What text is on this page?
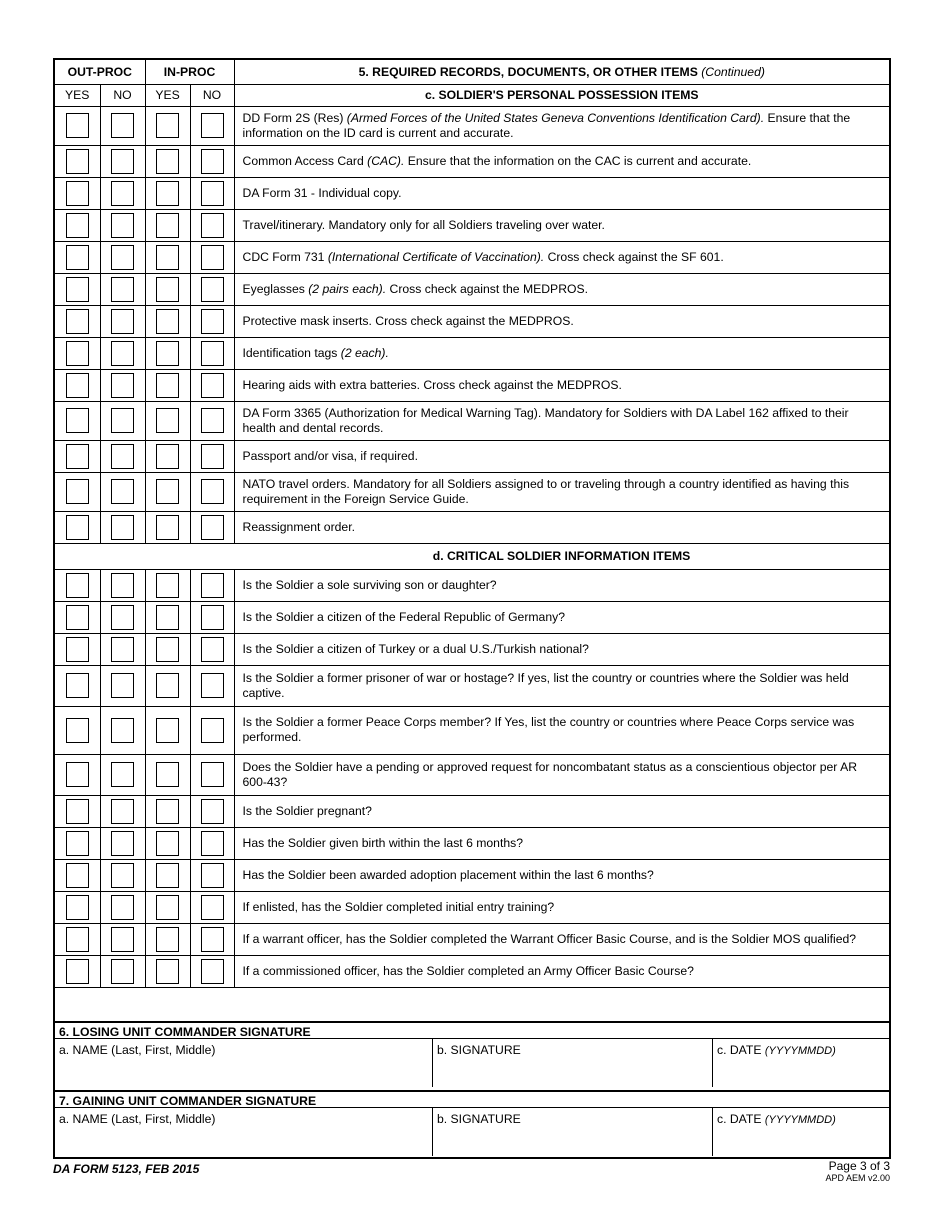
OUT-PROC		IN-PROC		5. REQUIRED RECORDS, DOCUMENTS, OR OTHER ITEMS (Continued)
YES	NO	YES	NO	c. SOLDIER'S PERSONAL POSSESSION ITEMS
				DD Form 2S (Res) (Armed Forces of the United States Geneva Conventions Identification Card). Ensure that the information on the ID card is current and accurate.
				Common Access Card (CAC). Ensure that the information on the CAC is current and accurate.
				DA Form 31 - Individual copy.
				Travel/itinerary. Mandatory only for all Soldiers traveling over water.
				CDC Form 731 (International Certificate of Vaccination). Cross check against the SF 601.
				Eyeglasses (2 pairs each). Cross check against the MEDPROS.
				Protective mask inserts. Cross check against the MEDPROS.
				Identification tags (2 each).
				Hearing aids with extra batteries. Cross check against the MEDPROS.
				DA Form 3365 (Authorization for Medical Warning Tag). Mandatory for Soldiers with DA Label 162 affixed to their health and dental records.
				Passport and/or visa, if required.
				NATO travel orders. Mandatory for all Soldiers assigned to or traveling through a country identified as having this requirement in the Foreign Service Guide.
				Reassignment order.
				d. CRITICAL SOLDIER INFORMATION ITEMS
				Is the Soldier a sole surviving son or daughter?
				Is the Soldier a citizen of the Federal Republic of Germany?
				Is the Soldier a citizen of Turkey or a dual U.S./Turkish national?
				Is the Soldier a former prisoner of war or hostage? If yes, list the country or countries where the Soldier was held captive.
				Is the Soldier a former Peace Corps member? If Yes, list the country or countries where Peace Corps service was performed.
				Does the Soldier have a pending or approved request for noncombatant status as a conscientious objector per AR 600-43?
				Is the Soldier pregnant?
				Has the Soldier given birth within the last 6 months?
				Has the Soldier been awarded adoption placement within the last 6 months?
				If enlisted, has the Soldier completed initial entry training?
				If a warrant officer, has the Soldier completed the Warrant Officer Basic Course, and is the Soldier MOS qualified?
				If a commissioned officer, has the Soldier completed an Army Officer Basic Course?
6. LOSING UNIT COMMANDER SIGNATURE
a. NAME (Last, First, Middle)	b. SIGNATURE	c. DATE (YYYYMMDD)
7. GAINING UNIT COMMANDER SIGNATURE
a. NAME (Last, First, Middle)	b. SIGNATURE	c. DATE (YYYYMMDD)
DA FORM 5123, FEB 2015	Page 3 of 3
APD AEM v2.00
